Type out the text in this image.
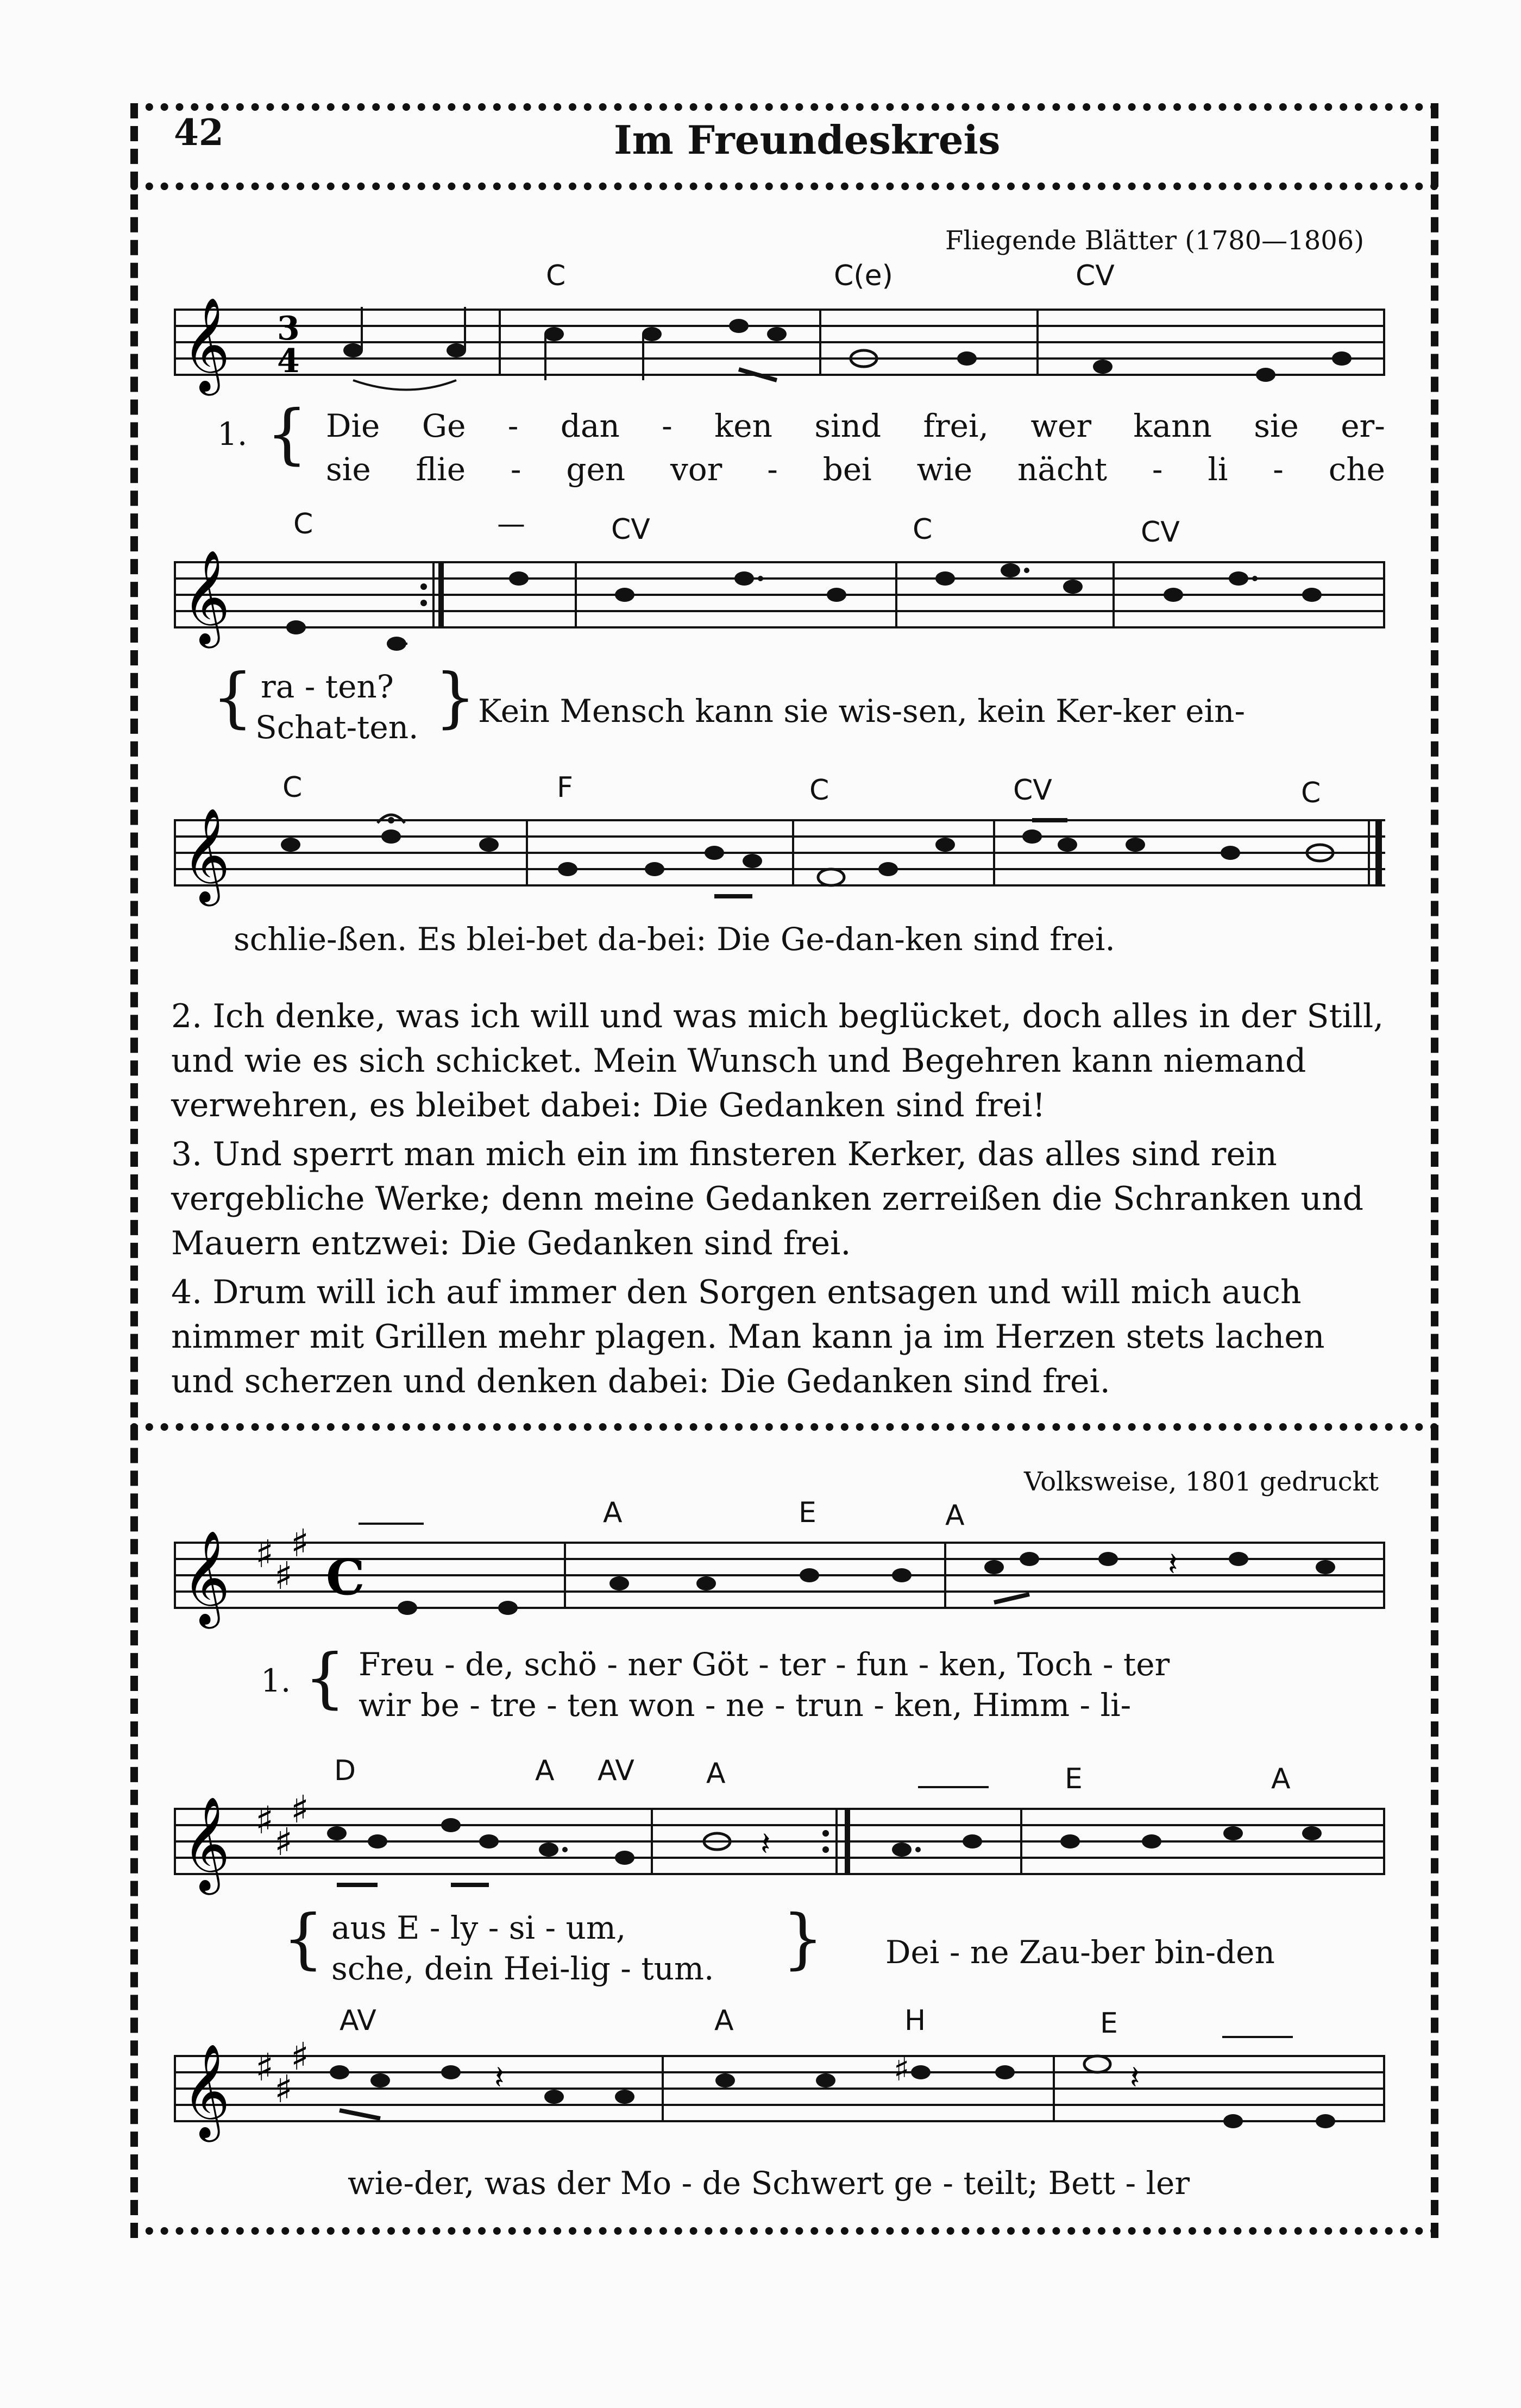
42	Im Freundeskreis
Fliegende Blätter (1780—1806)
C	C(e)	CV
𝄞 3
4
1. { Die Ge - dan - ken sind frei, wer kann sie er-
sie flie - gen vor - bei wie nächt - li - che
C	—	CV	C	CV
𝄞
{ ra - ten?
Schat-ten. } Kein Mensch kann sie wis-sen, kein Ker-ker ein-
C	F	C	CV	C
𝄞
schlie-ßen. Es blei-bet da-bei: Die Ge-dan-ken sind frei.

2. Ich denke, was ich will und was mich beglücket, doch alles in der Still, und wie es sich schicket. Mein Wunsch und Begehren kann niemand verwehren, es bleibet dabei: Die Gedanken sind frei!

3. Und sperrt man mich ein im finsteren Kerker, das alles sind rein vergebliche Werke; denn meine Gedanken zerreißen die Schranken und Mauern entzwei: Die Gedanken sind frei.

4. Drum will ich auf immer den Sorgen entsagen und will mich auch nimmer mit Grillen mehr plagen. Man kann ja im Herzen stets lachen und scherzen und denken dabei: Die Gedanken sind frei.

Volksweise, 1801 gedruckt
A	E	A
𝄞 ♯ ♯
♯
C	𝄽
1. { Freu - de, schö - ner Göt - ter - fun - ken, Toch - ter
wir be - tre - ten won - ne - trun - ken, Himm - li-
D	A AV	A	E	A
𝄞 ♯ ♯
♯
𝄽
{ aus E - ly - si - um,
sche, dein Hei-lig - tum. } Dei - ne Zau-ber bin-den
AV	A	H	E
𝄞 ♯ ♯
♯	𝄽	♯	𝄽
wie-der, was der Mo - de Schwert ge - teilt; Bett - ler
